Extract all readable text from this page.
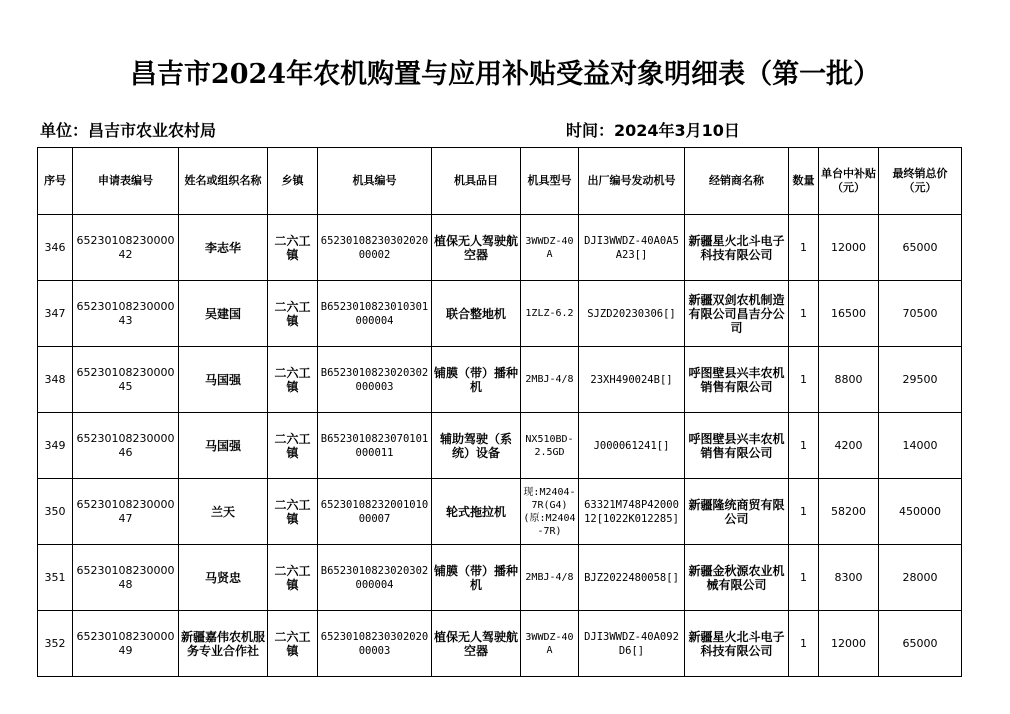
昌吉市2024年农机购置与应用补贴受益对象明细表（第一批）
单位：昌吉市农业农村局	时间：2024年3月10日
序号	申请表编号	姓名或组织名称	乡镇	机具编号	机具品目	机具型号	出厂编号发动机号	经销商名称	数量	单台中补贴（元）	最终销总价（元）

346	6523010823000042	李志华	二六工镇	6523010823030202000002	植保无人驾驶航空器	3WWDZ-40A	DJI3WWDZ-40A0A5A23[]	新疆星火北斗电子科技有限公司	1	12000	65000

347	6523010823000043	吴建国	二六工镇	B6523010823010301000004	联合整地机	1ZLZ-6.2	SJZD20230306[]	新疆双剑农机制造有限公司昌吉分公司	1	16500	70500

348	6523010823000045	马国强	二六工镇	B6523010823020302000003	铺膜（带）播种机	2MBJ-4/8	23XH490024B[]	呼图壁县兴丰农机销售有限公司	1	8800	29500

349	6523010823000046	马国强	二六工镇	B6523010823070101000011	辅助驾驶（系统）设备	NX510BD-2.5GD	J000061241[]	呼图壁县兴丰农机销售有限公司	1	4200	14000

350	6523010823000047	兰天	二六工镇	6523010823200101000007	轮式拖拉机	现:M2404-7R(G4)(原:M2404-7R)	63321M748P4200012[1022K012285]	新疆隆统商贸有限公司	1	58200	450000

351	6523010823000048	马贤忠	二六工镇	B6523010823020302000004	铺膜（带）播种机	2MBJ-4/8	BJZ2022480058[]	新疆金秋源农业机械有限公司	1	8300	28000

352	6523010823000049	新疆嘉伟农机服务专业合作社	二六工镇	6523010823030202000003	植保无人驾驶航空器	3WWDZ-40A	DJI3WWDZ-40A092D6[]	新疆星火北斗电子科技有限公司	1	12000	65000
